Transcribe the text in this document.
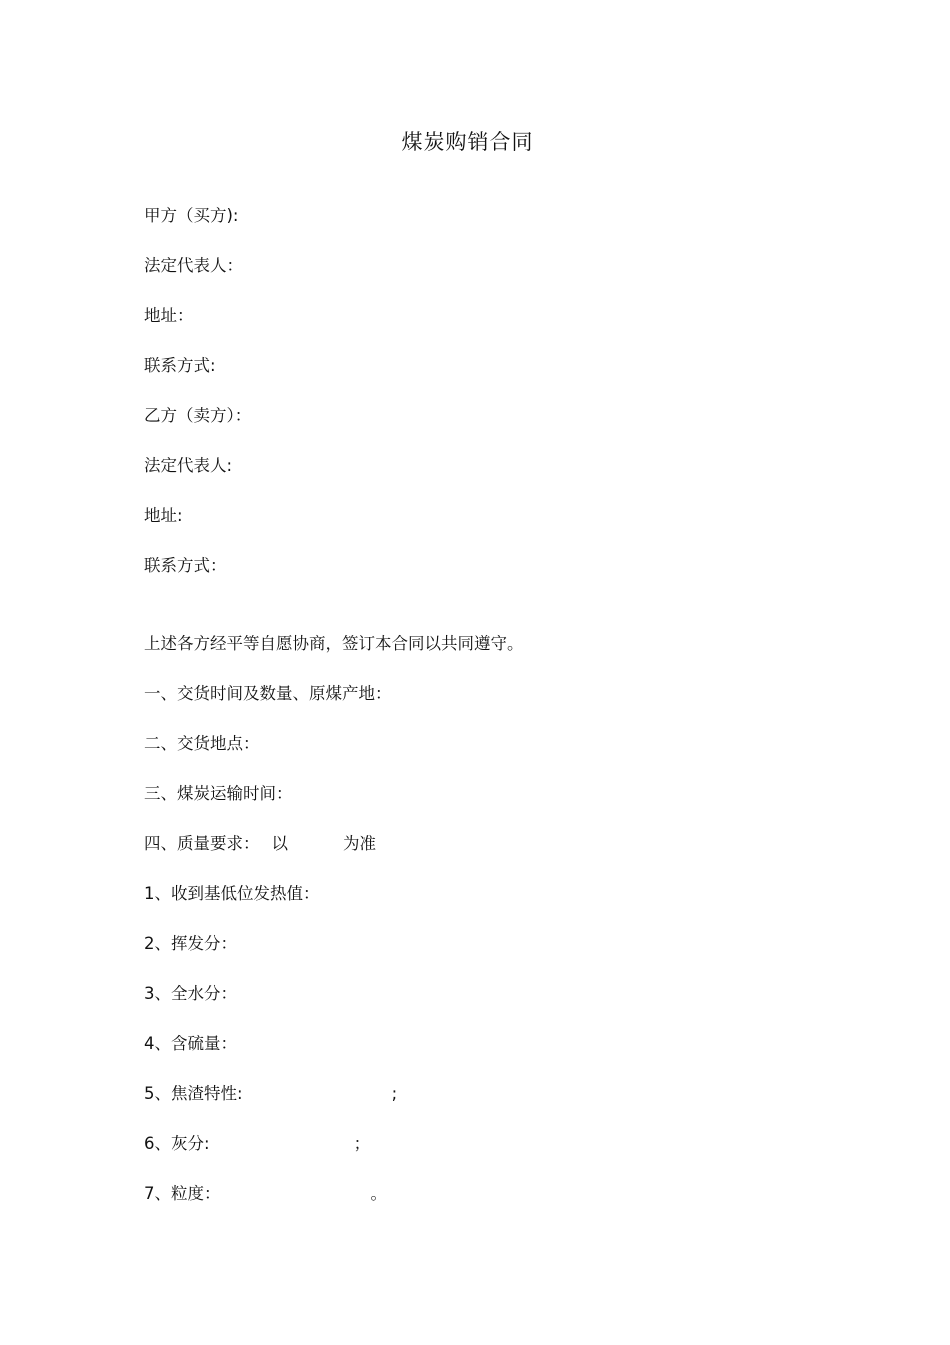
煤炭购销合同
甲方（买方):
法定代表人：
地址：
联系方式:
乙方（卖方）：
法定代表人:
地址:
联系方式：
上述各方经平等自愿协商，签订本合同以共同遵守。
一、交货时间及数量、原煤产地：
二、交货地点：
三、煤炭运输时间：
四、质量要求： 以	为准
1、收到基低位发热值：
2、挥发分：
3、全水分：
4、含硫量：
5、焦渣特性:	;
6、灰分:	；
7、粒度：	。
